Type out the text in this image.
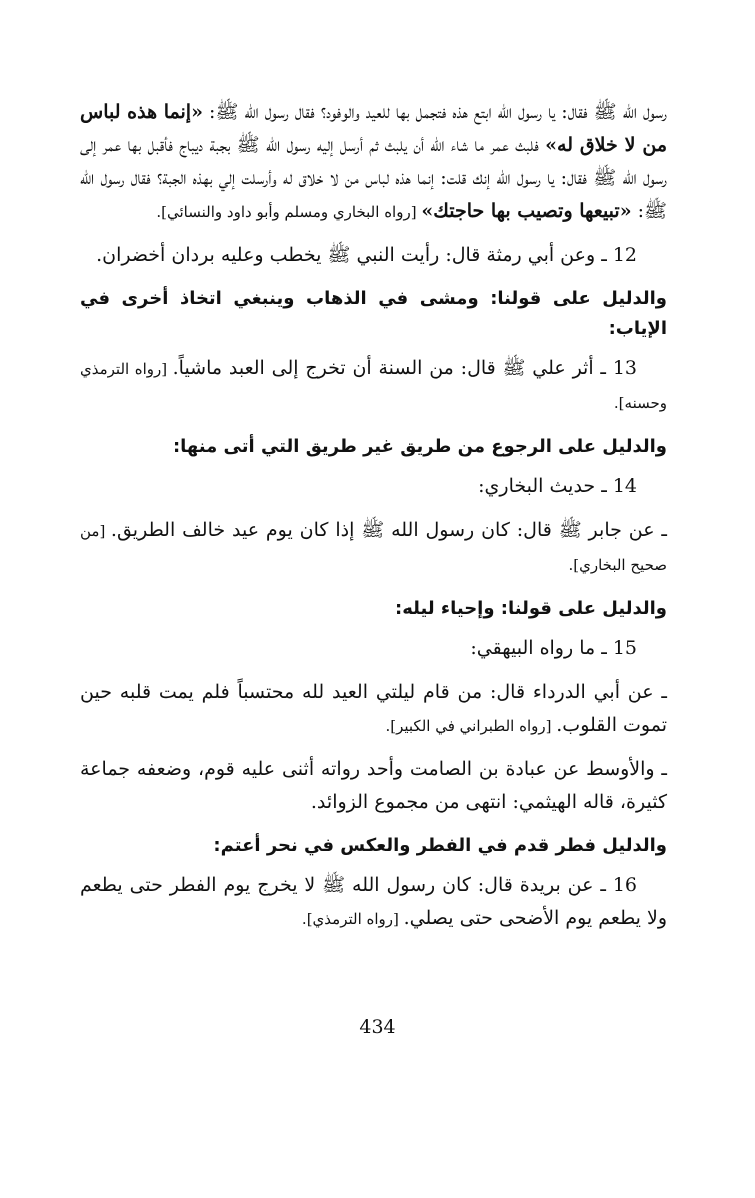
رسول الله ﷺ فقال: يا رسول الله ابتع هذه فتجمل بها للعيد والوفود؟ فقال رسول الله ﷺ: «إنما هذه لباس من لا خلاق له» فلبث عمر ما شاء الله أن يلبث ثم أرسل إليه رسول الله ﷺ بجبة ديباج فأقبل بها عمر إلى رسول الله ﷺ فقال: يا رسول الله إنك قلت: إنما هذه لباس من لا خلاق له وأرسلت إلي بهذه الجبة؟ فقال رسول الله ﷺ: «تبيعها وتصيب بها حاجتك» [رواه البخاري ومسلم وأبو داود والنسائي].

12 ـ وعن أبي رمثة قال: رأيت النبي ﷺ يخطب وعليه بردان أخضران.

والدليل على قولنا: ومشى في الذهاب وينبغي اتخاذ أخرى في الإياب:

13 ـ أثر علي ﷺ قال: من السنة أن تخرج إلى العبد ماشياً. [رواه الترمذي وحسنه].

والدليل على الرجوع من طريق غير طريق التي أتى منها:
14 ـ حديث البخاري:

ـ عن جابر ﷺ قال: كان رسول الله ﷺ إذا كان يوم عيد خالف الطريق. [من صحيح البخاري].

والدليل على قولنا: وإحياء ليله:
15 ـ ما رواه البيهقي:

ـ عن أبي الدرداء قال: من قام ليلتي العيد لله محتسباً فلم يمت قلبه حين تموت القلوب. [رواه الطبراني في الكبير].

ـ والأوسط عن عبادة بن الصامت وأحد رواته أثنى عليه قوم، وضعفه جماعة كثيرة، قاله الهيثمي: انتهى من مجموع الزوائد.

والدليل فطر قدم في الفطر والعكس في نحر أعتم:

16 ـ عن بريدة قال: كان رسول الله ﷺ لا يخرج يوم الفطر حتى يطعم ولا يطعم يوم الأضحى حتى يصلي. [رواه الترمذي].

434
